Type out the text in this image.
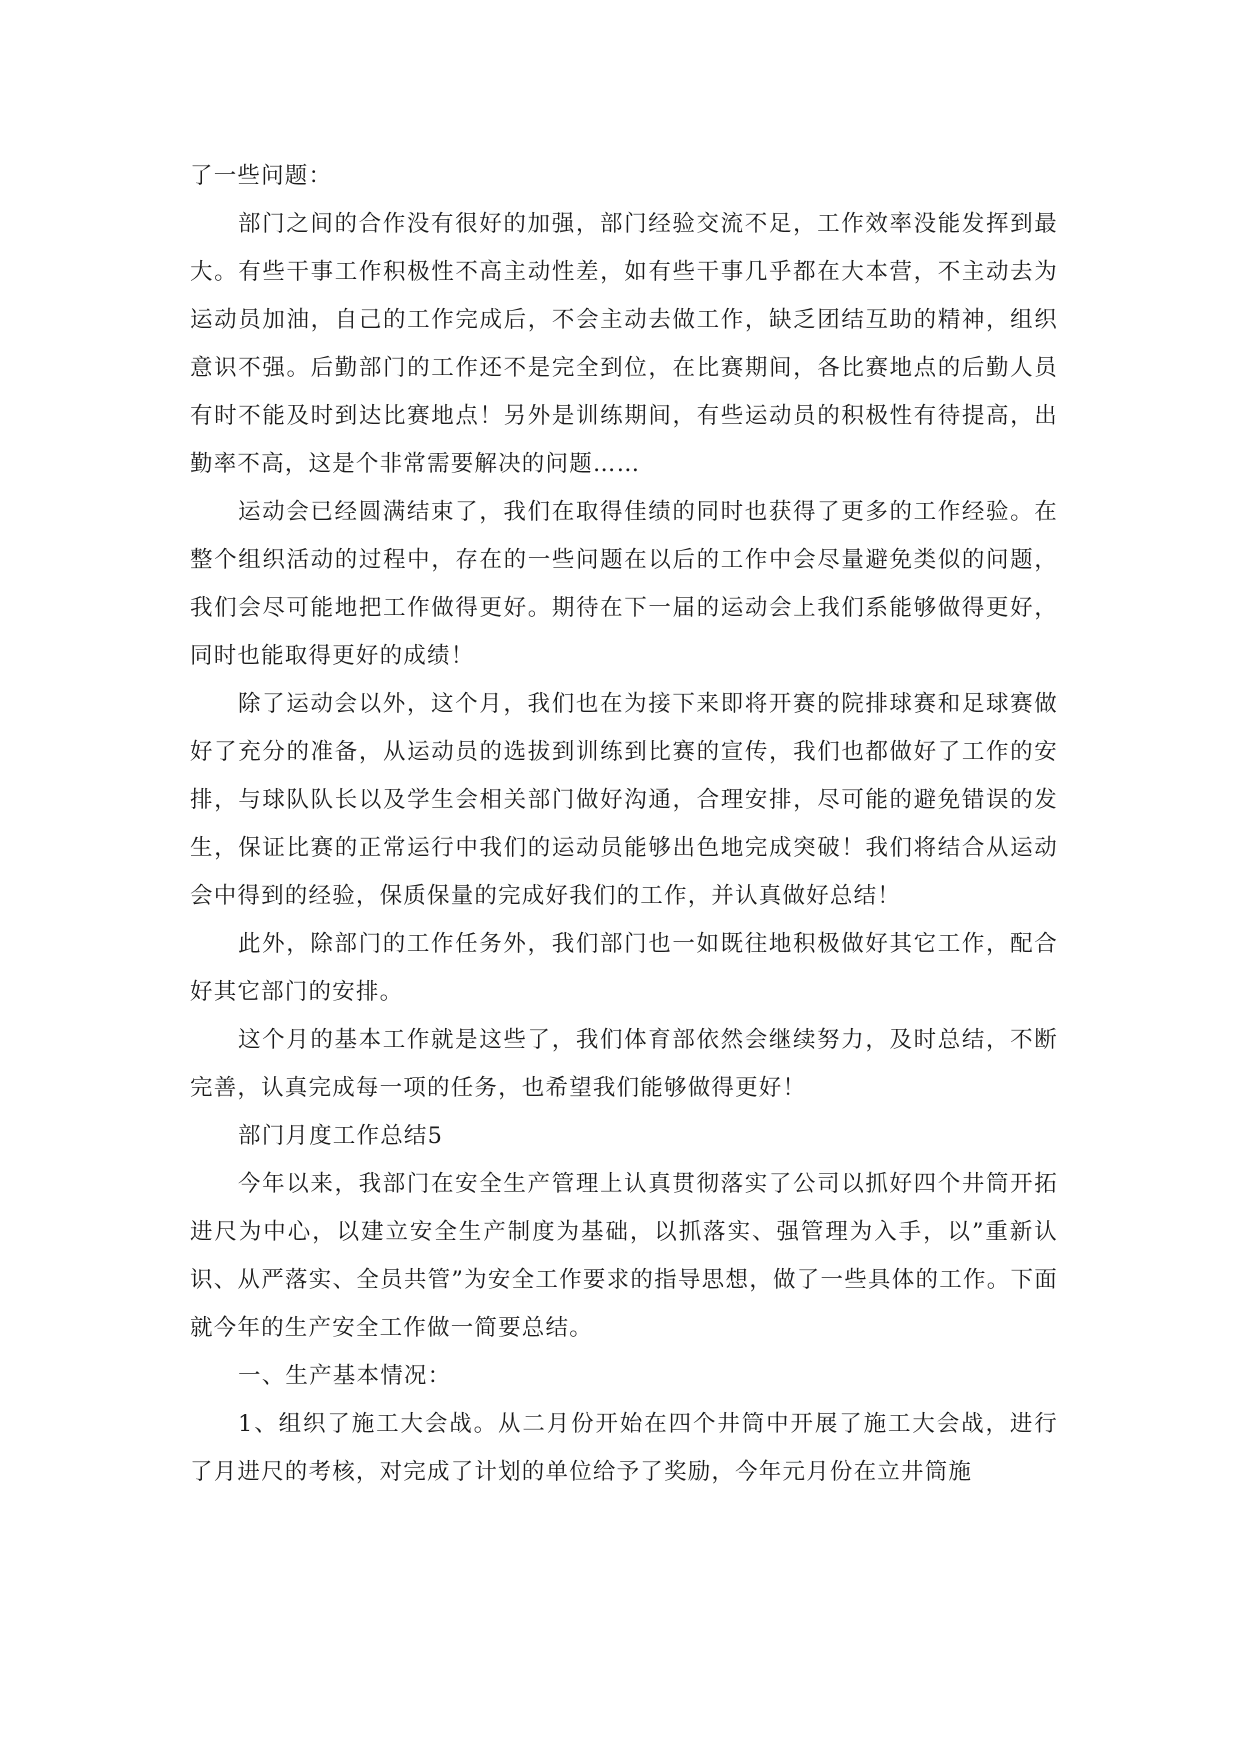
了一些问题：

部门之间的合作没有很好的加强，部门经验交流不足，工作效率没能发挥到最大。有些干事工作积极性不高主动性差，如有些干事几乎都在大本营，不主动去为运动员加油，自己的工作完成后，不会主动去做工作，缺乏团结互助的精神，组织意识不强。后勤部门的工作还不是完全到位，在比赛期间，各比赛地点的后勤人员有时不能及时到达比赛地点！另外是训练期间，有些运动员的积极性有待提高，出勤率不高，这是个非常需要解决的问题……

运动会已经圆满结束了，我们在取得佳绩的同时也获得了更多的工作经验。在整个组织活动的过程中，存在的一些问题在以后的工作中会尽量避免类似的问题，我们会尽可能地把工作做得更好。期待在下一届的运动会上我们系能够做得更好，同时也能取得更好的成绩！

除了运动会以外，这个月，我们也在为接下来即将开赛的院排球赛和足球赛做好了充分的准备，从运动员的选拔到训练到比赛的宣传，我们也都做好了工作的安排，与球队队长以及学生会相关部门做好沟通，合理安排，尽可能的避免错误的发生，保证比赛的正常运行中我们的运动员能够出色地完成突破！我们将结合从运动会中得到的经验，保质保量的完成好我们的工作，并认真做好总结！

此外，除部门的工作任务外，我们部门也一如既往地积极做好其它工作，配合好其它部门的安排。

这个月的基本工作就是这些了，我们体育部依然会继续努力，及时总结，不断完善，认真完成每一项的任务，也希望我们能够做得更好！

部门月度工作总结5

今年以来，我部门在安全生产管理上认真贯彻落实了公司以抓好四个井筒开拓进尺为中心，以建立安全生产制度为基础，以抓落实、强管理为入手，以”重新认识、从严落实、全员共管”为安全工作要求的指导思想，做了一些具体的工作。下面就今年的生产安全工作做一简要总结。

一、生产基本情况：

1、组织了施工大会战。从二月份开始在四个井筒中开展了施工大会战，进行了月进尺的考核，对完成了计划的单位给予了奖励，今年元月份在立井筒施
